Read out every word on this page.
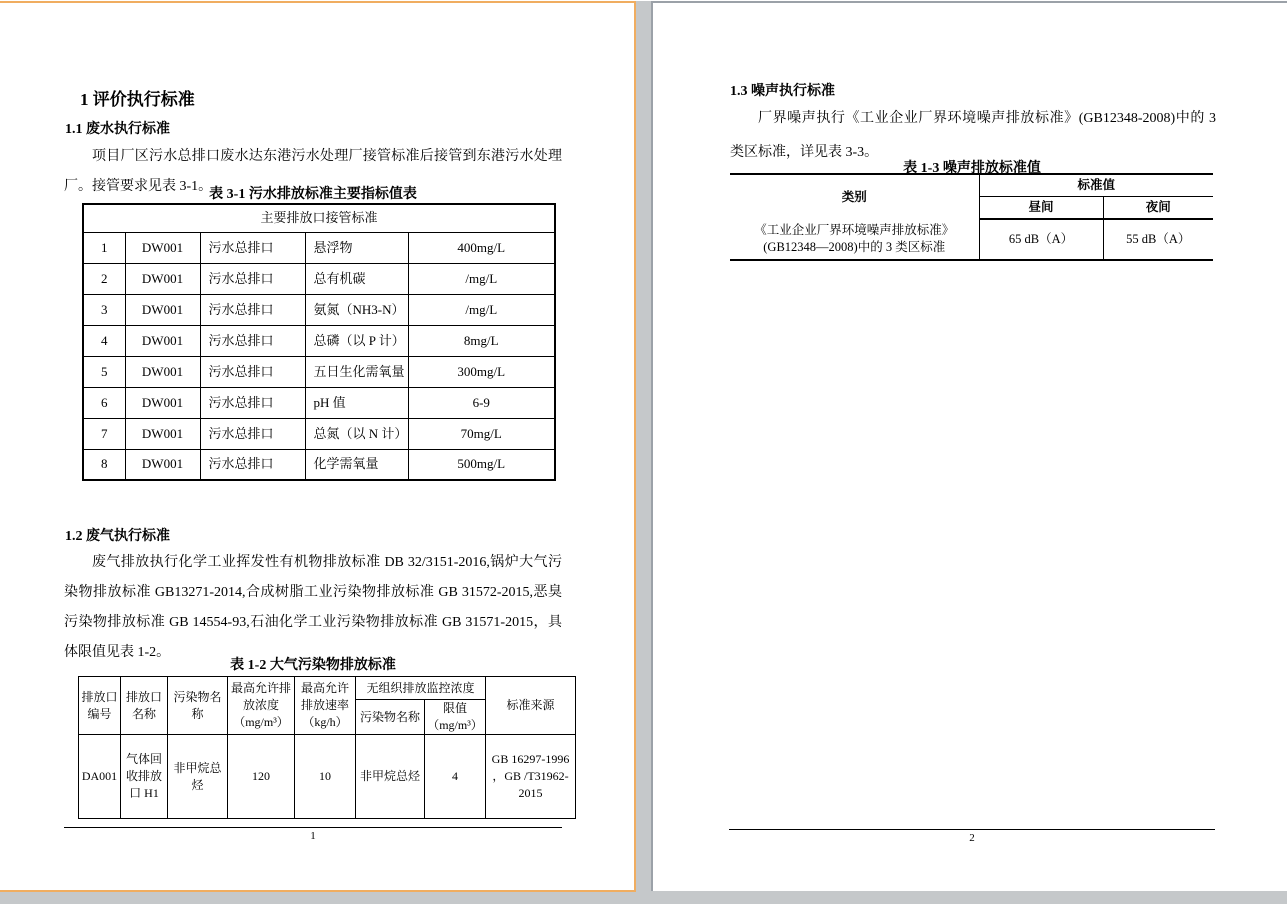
1 评价执行标准
1.1 废水执行标准
项目厂区污水总排口废水达东港污水处理厂接管标准后接管到东港污水处理厂。接管要求见表 3-1。
表 3-1 污水排放标准主要指标值表
主要排放口接管标准				
1	DW001	污水总排口	悬浮物	400mg/L
2	DW001	污水总排口	总有机碳	/mg/L
3	DW001	污水总排口	氨氮（NH3-N）	/mg/L
4	DW001	污水总排口	总磷（以 P 计）	8mg/L
5	DW001	污水总排口	五日生化需氧量	300mg/L
6	DW001	污水总排口	pH 值	6-9
7	DW001	污水总排口	总氮（以 N 计）	70mg/L
8	DW001	污水总排口	化学需氧量	500mg/L
1.2 废气执行标准
废气排放执行化学工业挥发性有机物排放标准 DB 32/3151-2016,锅炉大气污染物排放标准 GB13271-2014,合成树脂工业污染物排放标准 GB 31572-2015,恶臭污染物排放标准 GB 14554-93,石油化学工业污染物排放标准 GB 31571-2015，具体限值见表 1-2。
表 1-2 大气污染物排放标准
排放口编号	排放口名称	污染物名称	最高允许排放浓度（mg/m³）	最高允许排放速率（kg/h）	无组织排放监控浓度		标准来源
					污染物名称	限值（mg/m³）	
DA001	气体回收排放口 H1	非甲烷总烃	120	10	非甲烷总烃	4	GB 16297-1996 ，GB /T31962-2015
1
1.3 噪声执行标准
厂界噪声执行《工业企业厂界环境噪声排放标准》(GB12348-2008)中的 3 类区标准，详见表 3-3。
表 1-3 噪声排放标准值
类别	标准值	
	昼间	夜间

《工业企业厂界环境噪声排放标准》
(GB12348—2008)中的 3 类区标准	65 dB（A）	55 dB（A）
2
